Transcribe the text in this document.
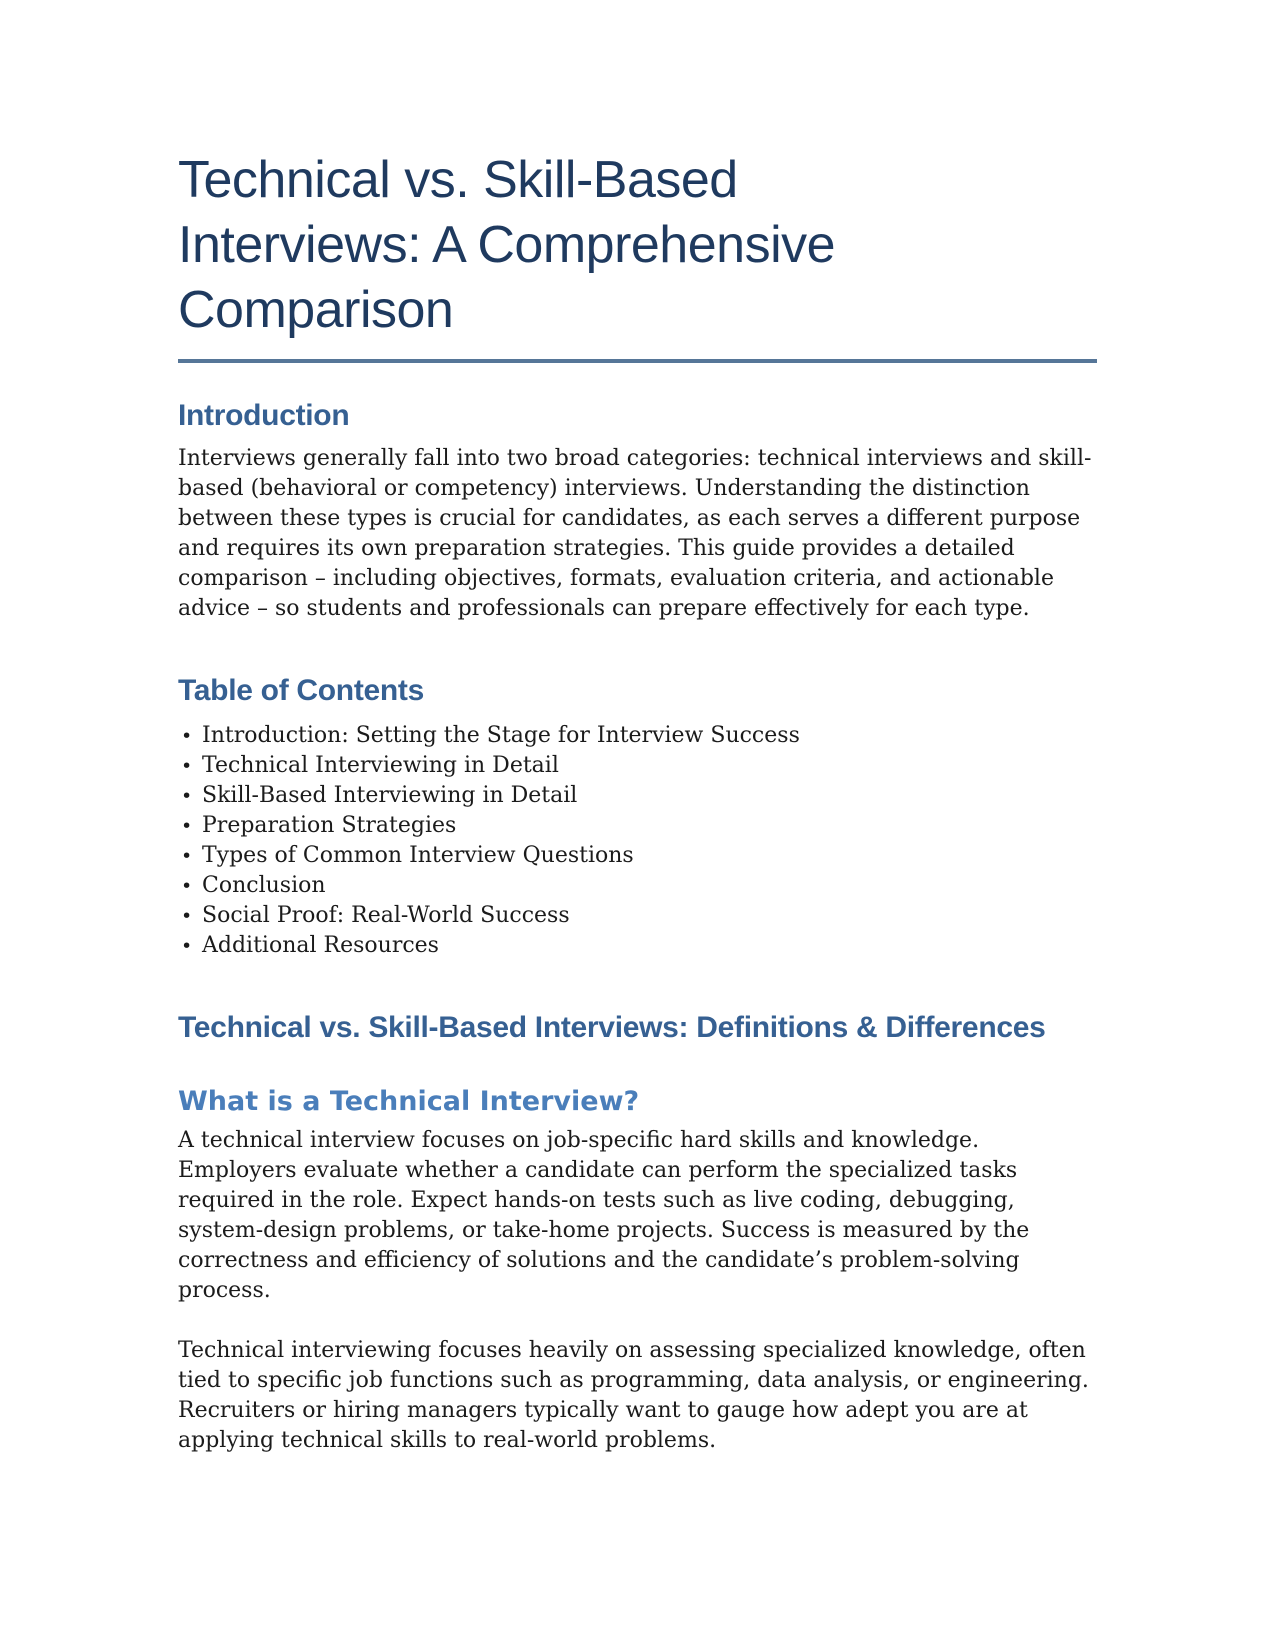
Technical vs. Skill-Based
Interviews: A Comprehensive
Comparison
Introduction

Interviews generally fall into two broad categories: technical interviews and skill-based (behavioral or competency) interviews. Understanding the distinction between these types is crucial for candidates, as each serves a different purpose and requires its own preparation strategies. This guide provides a detailed comparison – including objectives, formats, evaluation criteria, and actionable advice – so students and professionals can prepare effectively for each type.

Table of Contents
• Introduction: Setting the Stage for Interview Success
• Technical Interviewing in Detail
• Skill-Based Interviewing in Detail
• Preparation Strategies
• Types of Common Interview Questions
• Conclusion
• Social Proof: Real-World Success
• Additional Resources
Technical vs. Skill-Based Interviews: Definitions & Differences
What is a Technical Interview?

A technical interview focuses on job-specific hard skills and knowledge. Employers evaluate whether a candidate can perform the specialized tasks required in the role. Expect hands-on tests such as live coding, debugging, system-design problems, or take-home projects. Success is measured by the correctness and efficiency of solutions and the candidate’s problem-solving process.

Technical interviewing focuses heavily on assessing specialized knowledge, often tied to specific job functions such as programming, data analysis, or engineering. Recruiters or hiring managers typically want to gauge how adept you are at applying technical skills to real-world problems.
